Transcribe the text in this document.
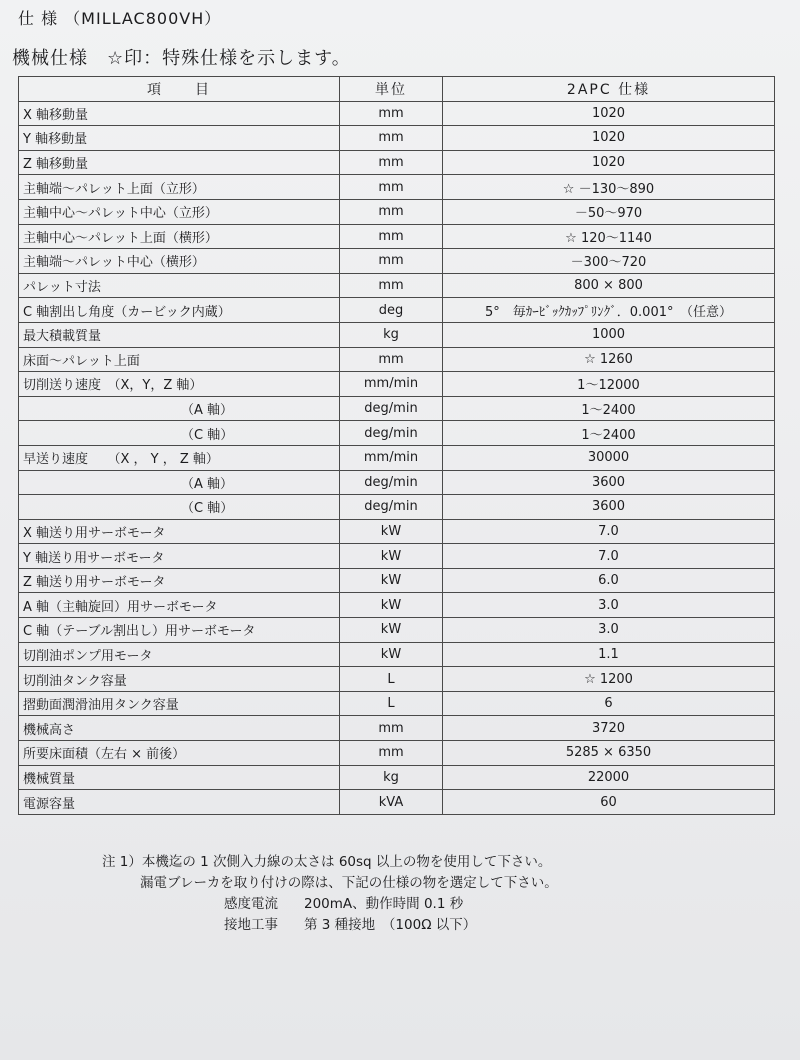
仕 様 （MILLAC800VH）
機械仕様　☆印：特殊仕様を示します。
項　　目	単位	2APC 仕様
X 軸移動量	mm	1020
Y 軸移動量	mm	1020
Z 軸移動量	mm	1020
主軸端～パレット上面（立形）	mm	☆ －130～890
主軸中心～パレット中心（立形）	mm	－50～970
主軸中心～パレット上面（横形）	mm	☆ 120～1140
主軸端～パレット中心（横形）	mm	－300～720
パレット寸法	mm	800 × 800
C 軸割出し角度（カービック内蔵）	deg	5°　毎ｶｰﾋﾞｯｸｶｯﾌﾟﾘﾝｸﾞ．0.001°　（任意）
最大積載質量	kg	1000
床面～パレット上面	mm	☆ 1260
切削送り速度　（X，Y，Z 軸）	mm/min	1～12000
（A 軸）	deg/min	1～2400
（C 軸）	deg/min	1～2400
早送り速度　　（X ， Y ， Z 軸）	mm/min	30000
（A 軸）	deg/min	3600
（C 軸）	deg/min	3600
X 軸送り用サーボモータ	kW	7.0
Y 軸送り用サーボモータ	kW	7.0
Z 軸送り用サーボモータ	kW	6.0
A 軸（主軸旋回）用サーボモータ	kW	3.0
C 軸（テーブル割出し）用サーボモータ	kW	3.0
切削油ポンプ用モータ	kW	1.1
切削油タンク容量	L	☆ 1200
摺動面潤滑油用タンク容量	L	6
機械高さ	mm	3720
所要床面積（左右 × 前後）	mm	5285 × 6350
機械質量	kg	22000
電源容量	kVA	60
注 1）本機迄の 1 次側入力線の太さは 60sq 以上の物を使用して下さい。
漏電ブレーカを取り付けの際は、下記の仕様の物を選定して下さい。
感度電流 200mA、動作時間 0.1 秒
接地工事 第 3 種接地　（100Ω 以下）
